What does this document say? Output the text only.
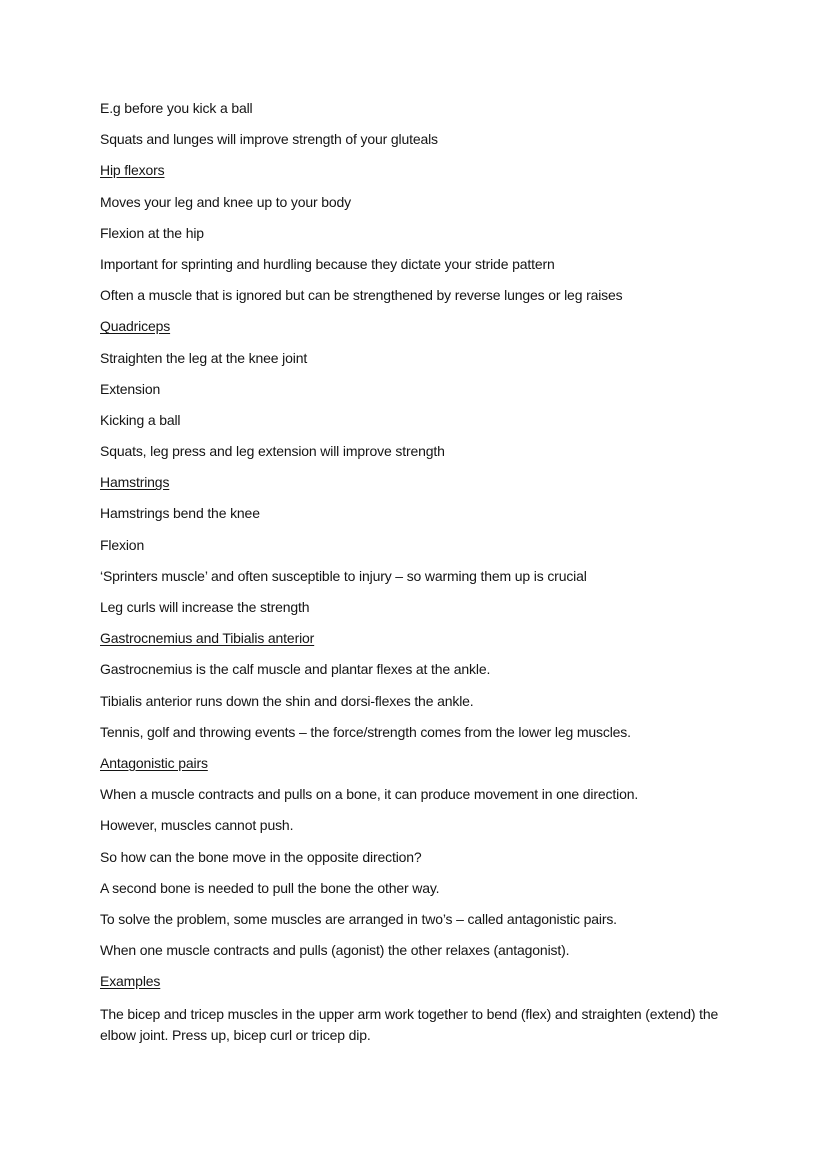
E.g before you kick a ball

Squats and lunges will improve strength of your gluteals

Hip flexors

Moves your leg and knee up to your body

Flexion at the hip

Important for sprinting and hurdling because they dictate your stride pattern

Often a muscle that is ignored but can be strengthened by reverse lunges or leg raises

Quadriceps

Straighten the leg at the knee joint

Extension

Kicking a ball

Squats, leg press and leg extension will improve strength

Hamstrings

Hamstrings bend the knee

Flexion

‘Sprinters muscle’ and often susceptible to injury – so warming them up is crucial

Leg curls will increase the strength

Gastrocnemius and Tibialis anterior

Gastrocnemius is the calf muscle and plantar flexes at the ankle.

Tibialis anterior runs down the shin and dorsi-flexes the ankle.

Tennis, golf and throwing events – the force/strength comes from the lower leg muscles.

Antagonistic pairs

When a muscle contracts and pulls on a bone, it can produce movement in one direction.

However, muscles cannot push.

So how can the bone move in the opposite direction?

A second bone is needed to pull the bone the other way.

To solve the problem, some muscles are arranged in two’s – called antagonistic pairs.

When one muscle contracts and pulls (agonist) the other relaxes (antagonist).

Examples

The bicep and tricep muscles in the upper arm work together to bend (flex) and straighten (extend) the elbow joint. Press up, bicep curl or tricep dip.
